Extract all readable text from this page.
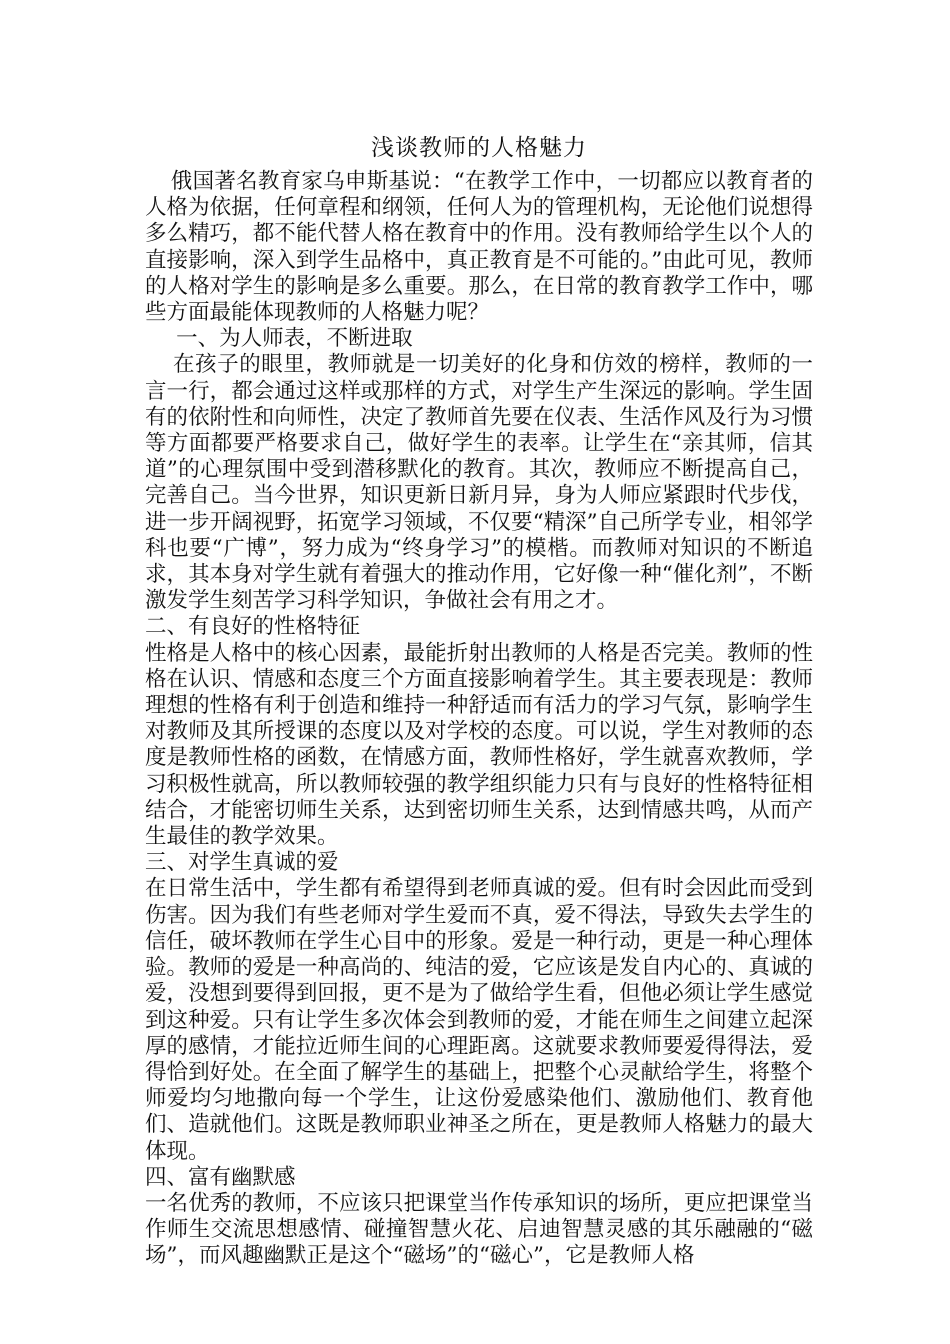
浅谈教师的人格魅力

俄国著名教育家乌申斯基说：“在教学工作中，一切都应以教育者的人格为依据，任何章程和纲领，任何人为的管理机构，无论他们说想得多么精巧，都不能代替人格在教育中的作用。没有教师给学生以个人的直接影响，深入到学生品格中，真正教育是不可能的。”由此可见，教师的人格对学生的影响是多么重要。那么，在日常的教育教学工作中，哪些方面最能体现教师的人格魅力呢？

一、为人师表，不断进取

在孩子的眼里，教师就是一切美好的化身和仿效的榜样，教师的一言一行，都会通过这样或那样的方式，对学生产生深远的影响。学生固有的依附性和向师性，决定了教师首先要在仪表、生活作风及行为习惯等方面都要严格要求自己，做好学生的表率。让学生在“亲其师，信其道”的心理氛围中受到潜移默化的教育。其次，教师应不断提高自己，完善自己。当今世界，知识更新日新月异，身为人师应紧跟时代步伐，进一步开阔视野，拓宽学习领域，不仅要“精深”自己所学专业，相邻学科也要“广博”，努力成为“终身学习”的模楷。而教师对知识的不断追求，其本身对学生就有着强大的推动作用，它好像一种“催化剂”，不断激发学生刻苦学习科学知识，争做社会有用之才。

二、有良好的性格特征

性格是人格中的核心因素，最能折射出教师的人格是否完美。教师的性格在认识、情感和态度三个方面直接影响着学生。其主要表现是：教师理想的性格有利于创造和维持一种舒适而有活力的学习气氛，影响学生对教师及其所授课的态度以及对学校的态度。可以说，学生对教师的态度是教师性格的函数，在情感方面，教师性格好，学生就喜欢教师，学习积极性就高，所以教师较强的教学组织能力只有与良好的性格特征相结合，才能密切师生关系，达到密切师生关系，达到情感共鸣，从而产生最佳的教学效果。

三、对学生真诚的爱

在日常生活中，学生都有希望得到老师真诚的爱。但有时会因此而受到伤害。因为我们有些老师对学生爱而不真，爱不得法，导致失去学生的信任，破坏教师在学生心目中的形象。爱是一种行动，更是一种心理体验。教师的爱是一种高尚的、纯洁的爱，它应该是发自内心的、真诚的爱，没想到要得到回报，更不是为了做给学生看，但他必须让学生感觉到这种爱。只有让学生多次体会到教师的爱，才能在师生之间建立起深厚的感情，才能拉近师生间的心理距离。这就要求教师要爱得得法，爱得恰到好处。在全面了解学生的基础上，把整个心灵献给学生，将整个师爱均匀地撒向每一个学生，让这份爱感染他们、激励他们、教育他们、造就他们。这既是教师职业神圣之所在，更是教师人格魅力的最大体现。

四、富有幽默感

一名优秀的教师，不应该只把课堂当作传承知识的场所，更应把课堂当作师生交流思想感情、碰撞智慧火花、启迪智慧灵感的其乐融融的“磁场”，而风趣幽默正是这个“磁场”的“磁心”，它是教师人格
